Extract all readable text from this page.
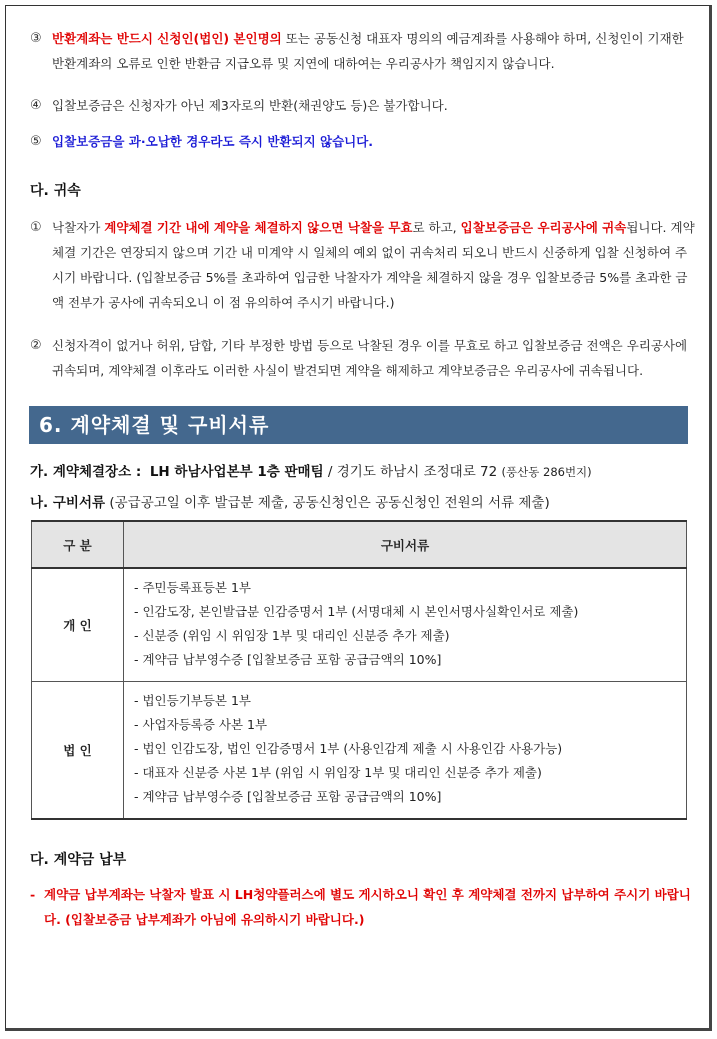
③ 반환계좌는 반드시 신청인(법인) 본인명의 또는 공동신청 대표자 명의의 예금계좌를 사용해야 하며, 신청인이 기재한 반환계좌의 오류로 인한 반환금 지급오류 및 지연에 대하여는 우리공사가 책임지지 않습니다.
④ 입찰보증금은 신청자가 아닌 제3자로의 반환(채권양도 등)은 불가합니다.
⑤ 입찰보증금을 과·오납한 경우라도 즉시 반환되지 않습니다.
다. 귀속
① 낙찰자가 계약체결 기간 내에 계약을 체결하지 않으면 낙찰을 무효로 하고, 입찰보증금은 우리공사에 귀속됩니다. 계약체결 기간은 연장되지 않으며 기간 내 미계약 시 일체의 예외 없이 귀속처리 되오니 반드시 신중하게 입찰 신청하여 주시기 바랍니다. (입찰보증금 5%를 초과하여 입금한 낙찰자가 계약을 체결하지 않을 경우 입찰보증금 5%를 초과한 금액 전부가 공사에 귀속되오니 이 점 유의하여 주시기 바랍니다.)
② 신청자격이 없거나 허위, 담합, 기타 부정한 방법 등으로 낙찰된 경우 이를 무효로 하고 입찰보증금 전액은 우리공사에 귀속되며, 계약체결 이후라도 이러한 사실이 발견되면 계약을 해제하고 계약보증금은 우리공사에 귀속됩니다.
6. 계약체결 및 구비서류
가. 계약체결장소 : LH 하남사업본부 1층 판매팀 / 경기도 하남시 조정대로 72 (풍산동 286번지)
나. 구비서류 (공급공고일 이후 발급분 제출, 공동신청인은 공동신청인 전원의 서류 제출)
구 분	구비서류
개 인	- 주민등록표등본 1부
- 인감도장, 본인발급분 인감증명서 1부 (서명대체 시 본인서명사실확인서로 제출)
- 신분증 (위임 시 위임장 1부 및 대리인 신분증 추가 제출)
- 계약금 납부영수증 [입찰보증금 포함 공급금액의 10%]

법 인	- 법인등기부등본 1부
- 사업자등록증 사본 1부
- 법인 인감도장, 법인 인감증명서 1부 (사용인감계 제출 시 사용인감 사용가능)
- 대표자 신분증 사본 1부 (위임 시 위임장 1부 및 대리인 신분증 추가 제출)
- 계약금 납부영수증 [입찰보증금 포함 공급금액의 10%]
다. 계약금 납부
- 계약금 납부계좌는 낙찰자 발표 시 LH청약플러스에 별도 게시하오니 확인 후 계약체결 전까지 납부하여 주시기 바랍니다. (입찰보증금 납부계좌가 아님에 유의하시기 바랍니다.)
